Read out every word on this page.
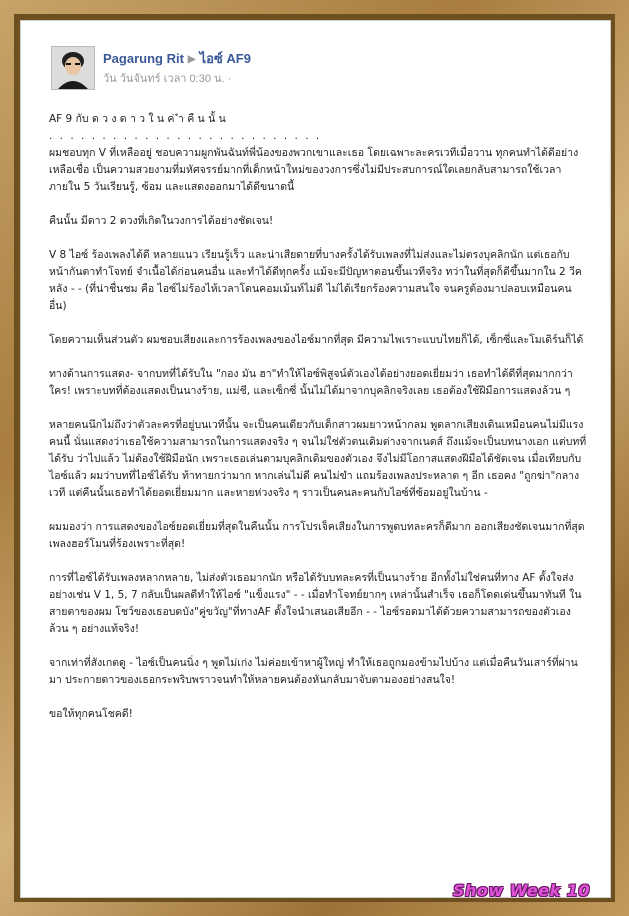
Pagarung Rit ▶ ไอซ์ AF9
วัน วันจันทร์ เวลา 0:30 น. ·

AF 9 กับ ด ว ง ด า ว ใ น ค่ ำ คื น นั้ น

. . . . . . . . . . . . . . . . . . . . . . . . . .

ผมชอบทุก V ที่เหลืออยู่ ชอบความผูกพันฉันท์พี่น้องของพวกเขาและเธอ โดยเฉพาะละครเวทีเมื่อวาน ทุกคนทำได้ดีอย่างเหลือเชื่อ เป็นความสวยงามที่มหัศจรรย์มากที่เด็กหน้าใหม่ของวงการซึ่งไม่มีประสบการณ์ใดเลยกลับสามารถใช้เวลาภายใน 5 วันเรียนรู้, ซ้อม และแสดงออกมาได้ดีขนาดนี้

คืนนั้น มีดาว 2 ดวงที่เกิดในวงการได้อย่างชัดเจน!

V 8 ไอซ์ ร้องเพลงได้ดี หลายแนว เรียนรู้เร็ว และน่าเสียดายที่บางครั้งได้รับเพลงที่ไม่ส่งและไม่ตรงบุคลิกนัก แต่เธอกับหน้ากันตาทำโจทย์ จำเนื้อได้ก่อนคนอื่น และทำได้ดีทุกครั้ง แม้จะมีปัญหาตอนขึ้นเวทีจริง ทว่าในที่สุดก็ดีขึ้นมากใน 2 วีคหลัง - - (ที่น่าชื่นชม คือ ไอซ์ไม่ร้องไห้เวลาโดนคอมเม้นท์ไม่ดี ไม่ได้เรียกร้องความสนใจ จนครูต้องมาปลอบเหมือนคนอื่น)

โดยความเห็นส่วนตัว ผมชอบเสียงและการร้องเพลงของไอซ์มากที่สุด มีความไพเราะแบบไทยก็ได้, เซ็กซี่และโมเดิร์นก็ได้

ทางด้านการแสดง- จากบทที่ได้รับใน "กอง มัน ฮา"ทำให้ไอซ์พิสูจน์ตัวเองได้อย่างยอดเยี่ยมว่า เธอทำได้ดีที่สุดมากกว่าใคร! เพราะบทที่ต้องแสดงเป็นนางร้าย, แม่ชี, และเซ็กซี่ นั้นไม่ได้มาจากบุคลิกจริงเลย เธอต้องใช้ฝีมือการแสดงล้วน ๆ

หลายคนนึกไม่ถึงว่าตัวละครที่อยู่บนเวทีนั้น จะเป็นคนเดียวกับเด็กสาวผมยาวหน้ากลม พูดลากเสียงเดินเหมือนคนไม่มีแรงคนนี้ นั่นแสดงว่าเธอใช้ความสามารถในการแสดงจริง ๆ จนไม่ใช่ตัวตนเดิมต่างจากเนตส์ ถึงแม้จะเป็นบทนางเอก แต่บทที่ได้รับ ว่าไปแล้ว ไม่ต้องใช้ฝีมือนัก เพราะเธอเล่นตามบุคลิกเดิมของตัวเอง จึงไม่มีโอกาสแสดงฝีมือได้ชัดเจน เมื่อเทียบกับไอซ์แล้ว ผมว่าบทที่ไอซ์ได้รับ ท้าทายกว่ามาก หากเล่นไม่ดี คนไม่ขำ แถมร้องเพลงประหลาด ๆ อีก เธอคง "ถูกฆ่า"กลางเวที แต่คืนนั้นเธอทำได้ยอดเยี่ยมมาก และหายห่วงจริง ๆ ราวเป็นคนละคนกับไอซ์ที่ซ้อมอยู่ในบ้าน -

ผมมองว่า การแสดงของไอซ์ยอดเยี่ยมที่สุดในคืนนั้น การโปรเจ็คเสียงในการพูดบทละครก็ดีมาก ออกเสียงชัดเจนมากที่สุด เพลงฮอร์โมนที่ร้องเพราะที่สุด!

การที่ไอซ์ได้รับเพลงหลากหลาย, ไม่ส่งตัวเธอมากนัก หรือได้รับบทละครที่เป็นนางร้าย อีกทั้งไม่ใช่คนที่ทาง AF ตั้งใจส่งอย่างเช่น V 1, 5, 7 กลับเป็นผลดีทำให้ไอซ์ "แข็งแรง" - - เมื่อทำโจทย์ยากๆ เหล่านั้นสำเร็จ เธอก็โดดเด่นขึ้นมาทันที ในสายตาของผม โชว์ของเธอบดบัง"คู่ขวัญ"ที่ทางAF ตั้งใจนำเสนอเสียอีก - - ไอซ์รอดมาได้ด้วยความสามารถของตัวเองล้วน ๆ อย่างแท้จริง!

จากเท่าที่สังเกตดู - ไอซ์เป็นคนนิ่ง ๆ พูดไม่เก่ง ไม่ค่อยเข้าหาผู้ใหญ่ ทำให้เธอถูกมองข้ามไปบ้าง แต่เมื่อคืนวันเสาร์ที่ผ่านมา ประกายดาวของเธอกระพริบพราวจนทำให้หลายคนต้องหันกลับมาจับตามองอย่างสนใจ!

ขอให้ทุกคนโชคดี!

Show Week 10
